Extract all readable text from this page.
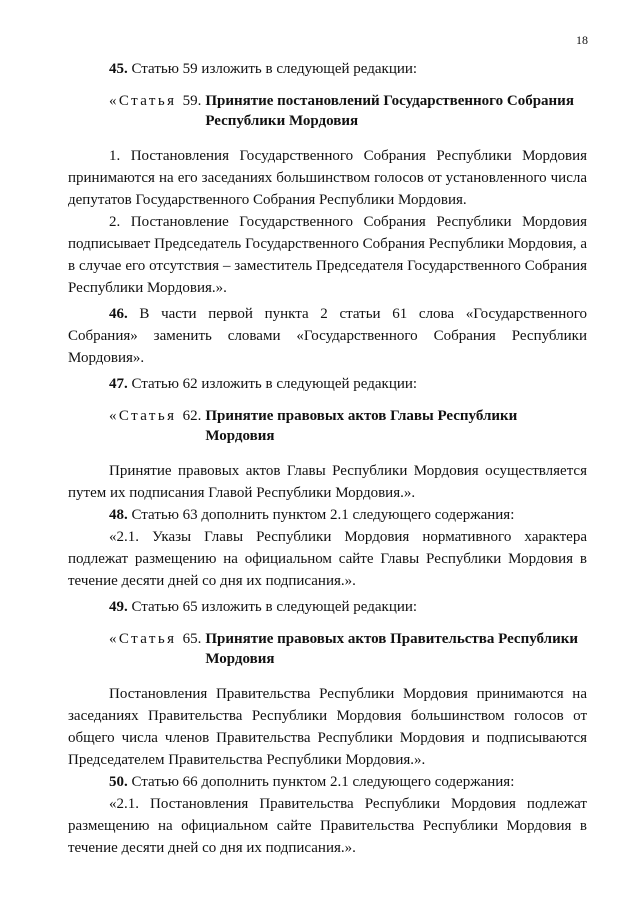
18

45. Статью 59 изложить в следующей редакции:

«Статья 59. Принятие постановлений Государственного Собрания Республики Мордовия

1. Постановления Государственного Собрания Республики Мордовия принимаются на его заседаниях большинством голосов от установленного числа депутатов Государственного Собрания Республики Мордовия.

2. Постановление Государственного Собрания Республики Мордовия подписывает Председатель Государственного Собрания Республики Мордовия, а в случае его отсутствия – заместитель Председателя Государственного Собрания Республики Мордовия.».

46. В части первой пункта 2 статьи 61 слова «Государственного Собрания» заменить словами «Государственного Собрания Республики Мордовия».

47. Статью 62 изложить в следующей редакции:

«Статья 62. Принятие правовых актов Главы Республики Мордовия

Принятие правовых актов Главы Республики Мордовия осуществляется путем их подписания Главой Республики Мордовия.».

48. Статью 63 дополнить пунктом 2.1 следующего содержания:

«2.1. Указы Главы Республики Мордовия нормативного характера подлежат размещению на официальном сайте Главы Республики Мордовия в течение десяти дней со дня их подписания.».

49. Статью 65 изложить в следующей редакции:

«Статья 65. Принятие правовых актов Правительства Республики Мордовия

Постановления Правительства Республики Мордовия принимаются на заседаниях Правительства Республики Мордовия большинством голосов от общего числа членов Правительства Республики Мордовия и подписываются Председателем Правительства Республики Мордовия.».

50. Статью 66 дополнить пунктом 2.1 следующего содержания:

«2.1. Постановления Правительства Республики Мордовия подлежат размещению на официальном сайте Правительства Республики Мордовия в течение десяти дней со дня их подписания.».
